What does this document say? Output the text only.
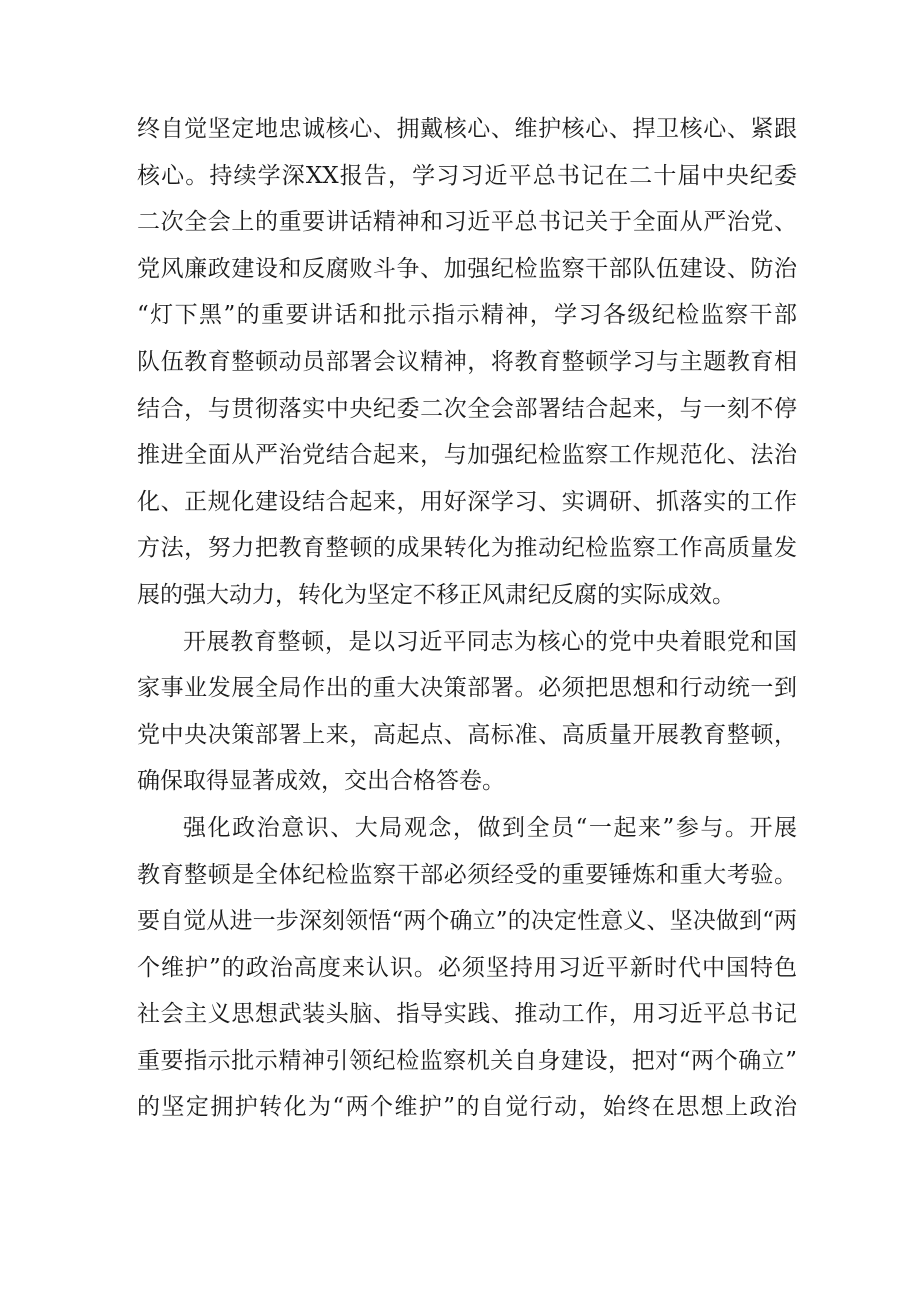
终自觉坚定地忠诚核心、拥戴核心、维护核心、捍卫核心、紧跟
核心。持续学深XX报告，学习习近平总书记在二十届中央纪委
二次全会上的重要讲话精神和习近平总书记关于全面从严治党、
党风廉政建设和反腐败斗争、加强纪检监察干部队伍建设、防治
“灯下黑”的重要讲话和批示指示精神，学习各级纪检监察干部
队伍教育整顿动员部署会议精神，将教育整顿学习与主题教育相
结合，与贯彻落实中央纪委二次全会部署结合起来，与一刻不停
推进全面从严治党结合起来，与加强纪检监察工作规范化、法治
化、正规化建设结合起来，用好深学习、实调研、抓落实的工作
方法，努力把教育整顿的成果转化为推动纪检监察工作高质量发
展的强大动力，转化为坚定不移正风肃纪反腐的实际成效。
开展教育整顿，是以习近平同志为核心的党中央着眼党和国
家事业发展全局作出的重大决策部署。必须把思想和行动统一到
党中央决策部署上来，高起点、高标准、高质量开展教育整顿，
确保取得显著成效，交出合格答卷。
强化政治意识、大局观念，做到全员“一起来”参与。开展
教育整顿是全体纪检监察干部必须经受的重要锤炼和重大考验。
要自觉从进一步深刻领悟“两个确立”的决定性意义、坚决做到“两
个维护”的政治高度来认识。必须坚持用习近平新时代中国特色
社会主义思想武装头脑、指导实践、推动工作，用习近平总书记
重要指示批示精神引领纪检监察机关自身建设，把对“两个确立”
的坚定拥护转化为“两个维护”的自觉行动，始终在思想上政治
